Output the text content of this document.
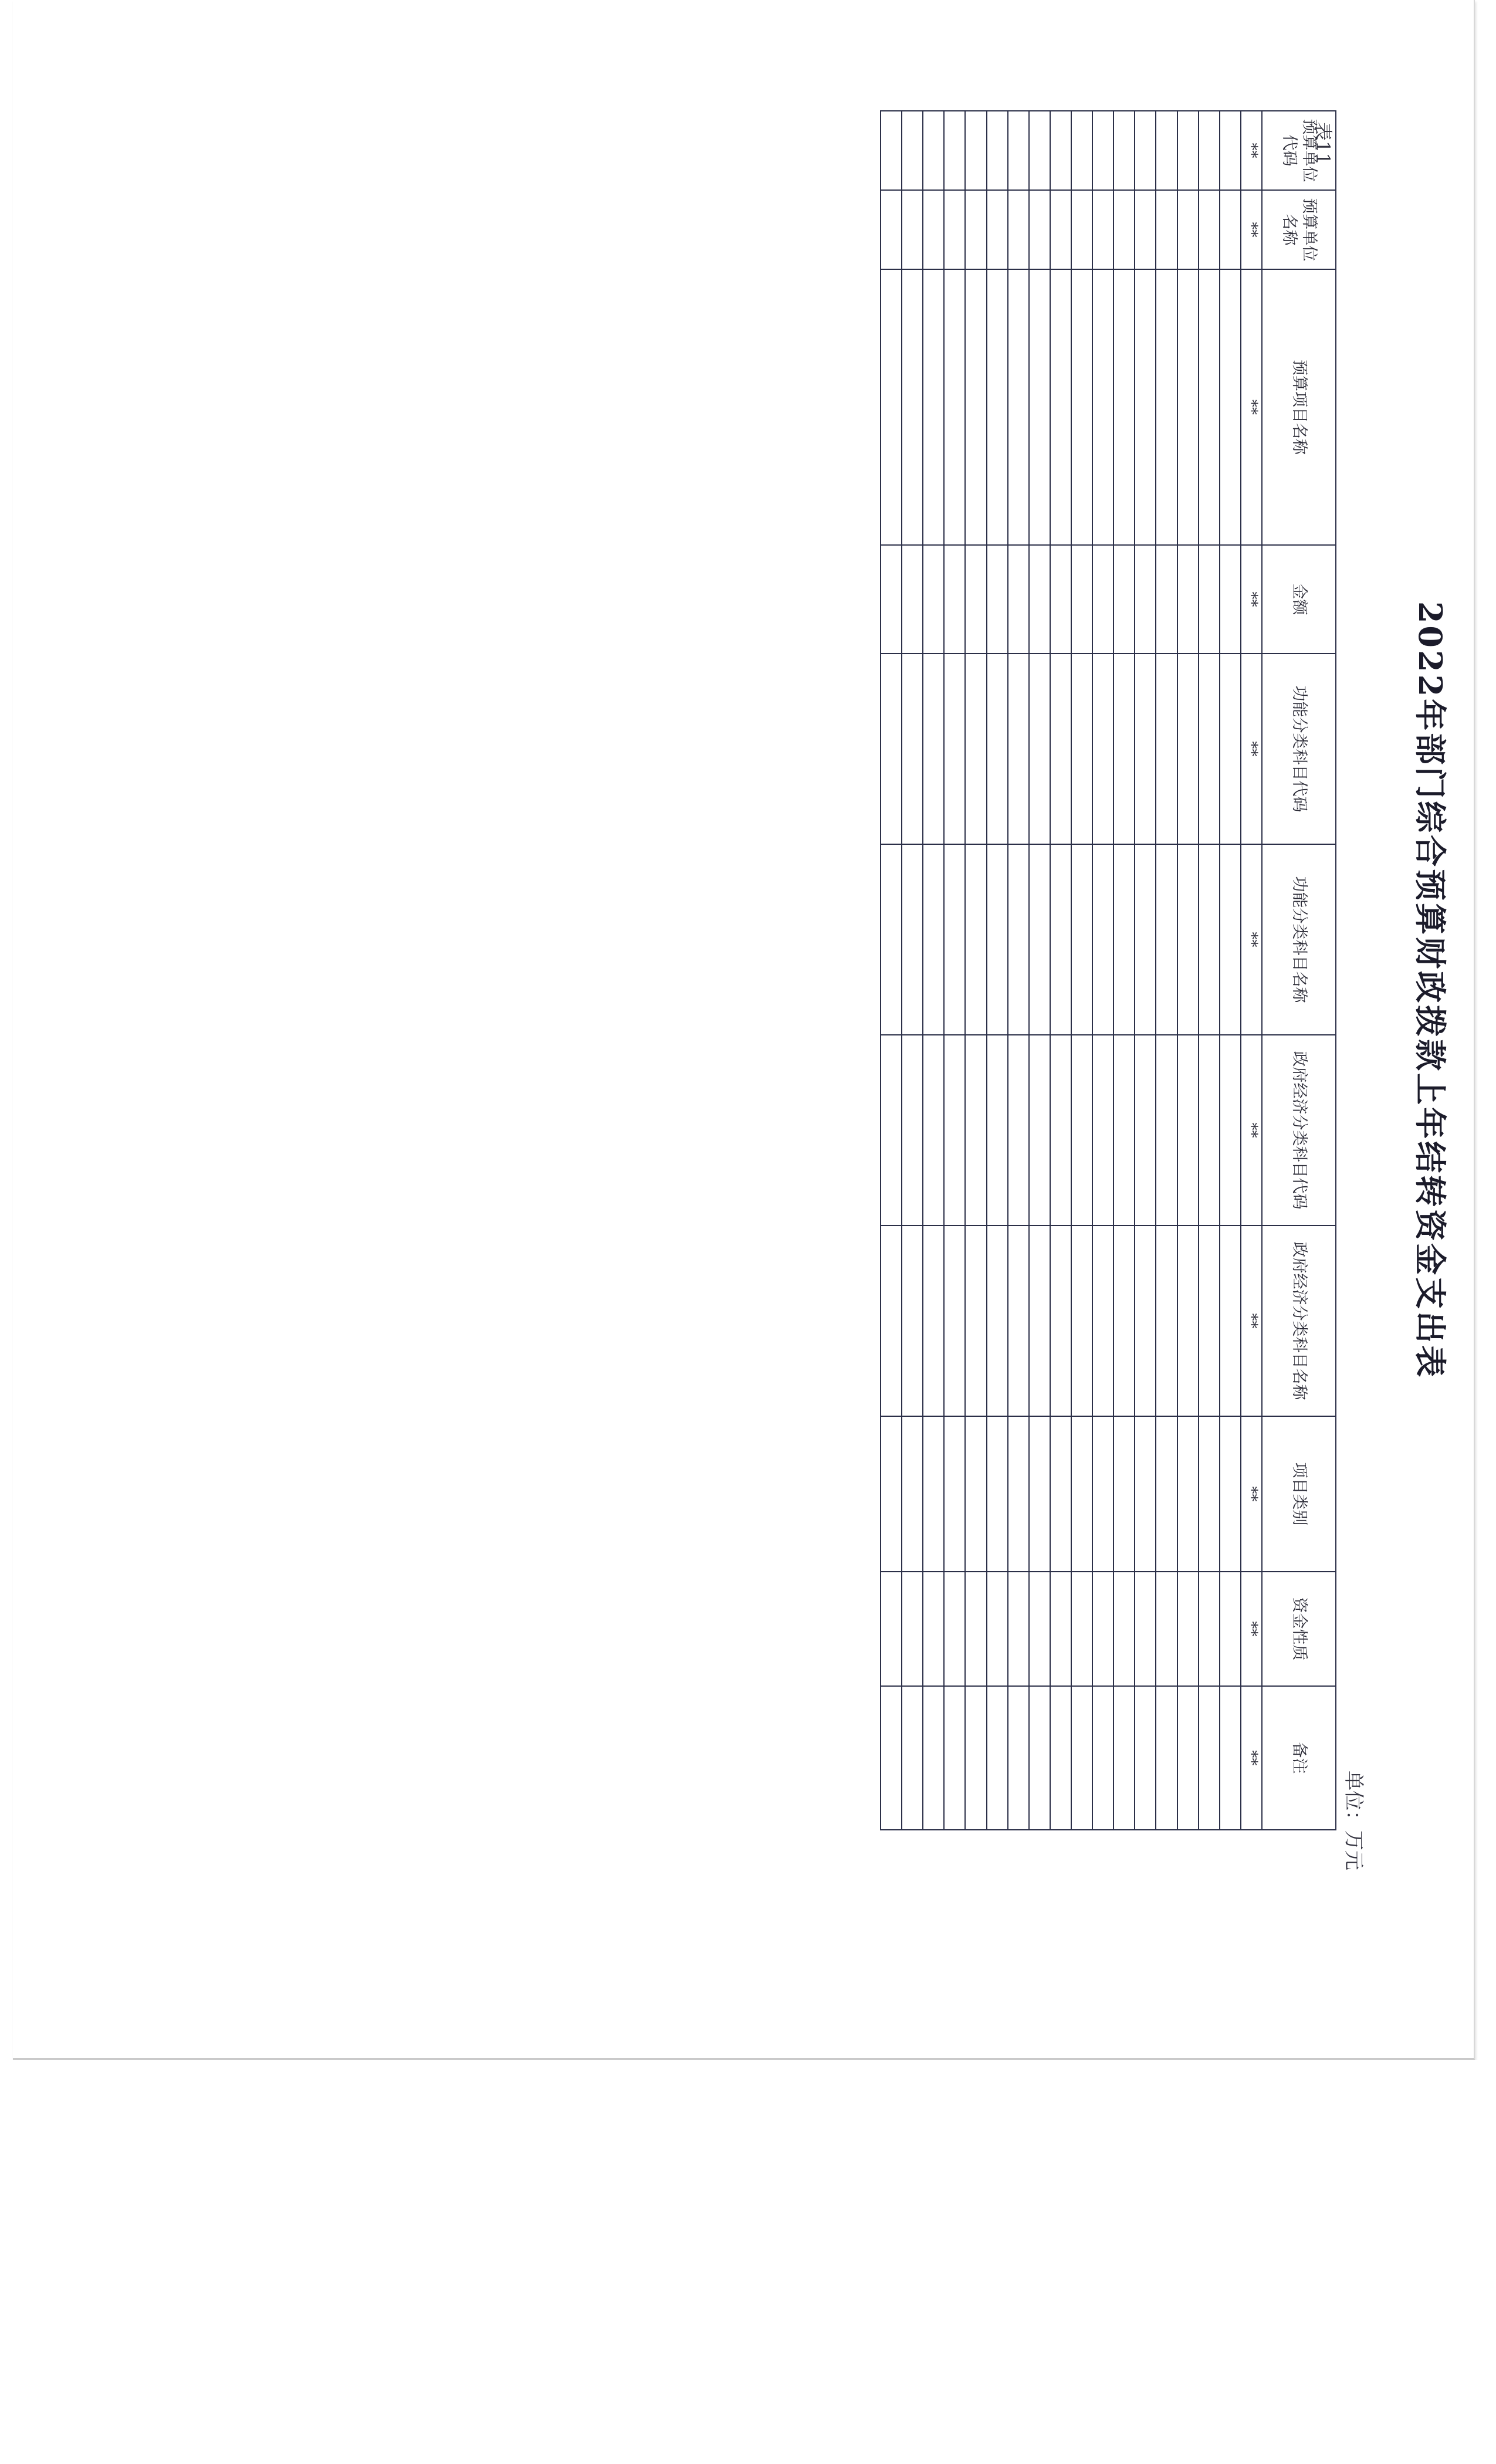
2022年部门综合预算财政拨款上年结转资金支出表
表11
单位：万元
预算单位代码	预算单位名称	预算项目名称	金额	功能分类科目代码	功能分类科目名称	政府经济分类科目代码	政府经济分类科目名称	项目类别	资金性质	备注
**	**	**	**	**	**	**	**	**	**	**
